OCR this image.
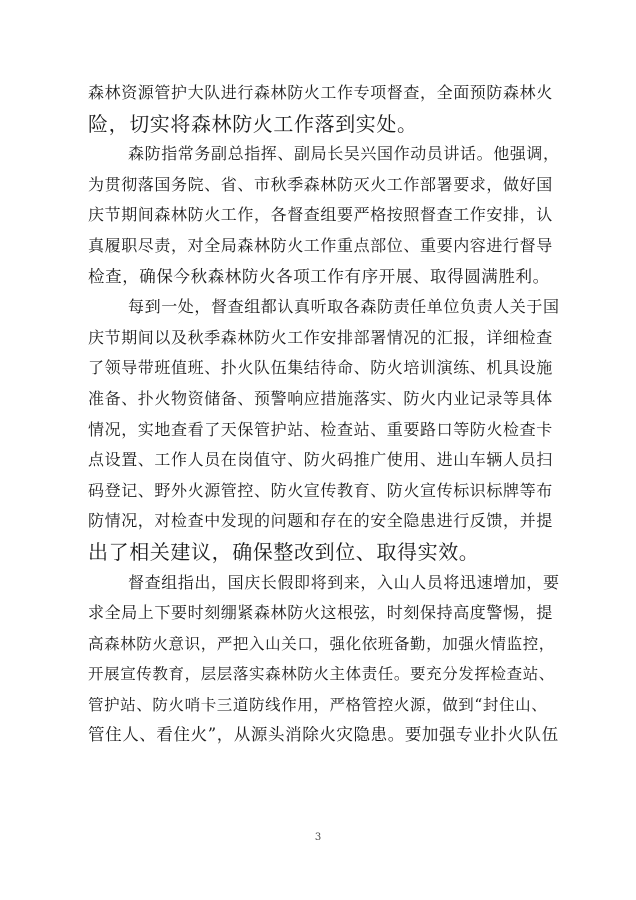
森林资源管护大队进行森林防火工作专项督查，全面预防森林火
险，切实将森林防火工作落到实处。

森防指常务副总指挥、副局长吴兴国作动员讲话。他强调，
为贯彻落国务院、省、市秋季森林防灭火工作部署要求，做好国
庆节期间森林防火工作，各督查组要严格按照督查工作安排，认
真履职尽责，对全局森林防火工作重点部位、重要内容进行督导
检查，确保今秋森林防火各项工作有序开展、取得圆满胜利。

每到一处，督查组都认真听取各森防责任单位负责人关于国
庆节期间以及秋季森林防火工作安排部署情况的汇报，详细检查
了领导带班值班、扑火队伍集结待命、防火培训演练、机具设施
准备、扑火物资储备、预警响应措施落实、防火内业记录等具体
情况，实地查看了天保管护站、检查站、重要路口等防火检查卡
点设置、工作人员在岗值守、防火码推广使用、进山车辆人员扫
码登记、野外火源管控、防火宣传教育、防火宣传标识标牌等布
防情况，对检查中发现的问题和存在的安全隐患进行反馈，并提
出了相关建议，确保整改到位、取得实效。

督查组指出，国庆长假即将到来，入山人员将迅速增加，要
求全局上下要时刻绷紧森林防火这根弦，时刻保持高度警惕，提
高森林防火意识，严把入山关口，强化依班备勤，加强火情监控，
开展宣传教育，层层落实森林防火主体责任。要充分发挥检查站、
管护站、防火哨卡三道防线作用，严格管控火源，做到“封住山、
管住人、看住火”，从源头消除火灾隐患。要加强专业扑火队伍

3
